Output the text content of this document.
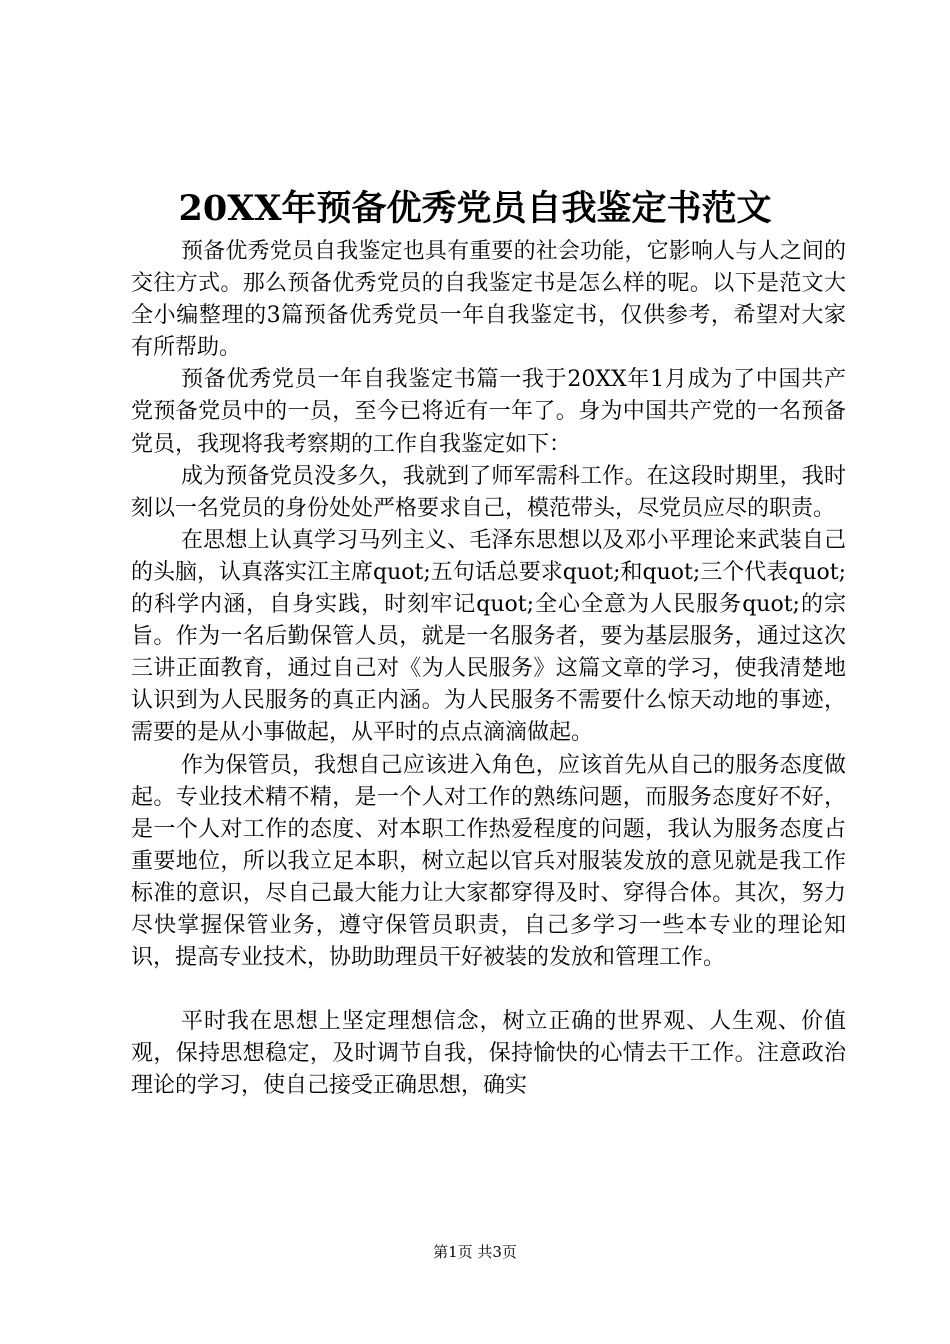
20XX年预备优秀党员自我鉴定书范文

预备优秀党员自我鉴定也具有重要的社会功能，它影响人与人之间的交往方式。那么预备优秀党员的自我鉴定书是怎么样的呢。以下是范文大全小编整理的3篇预备优秀党员一年自我鉴定书，仅供参考，希望对大家有所帮助。

预备优秀党员一年自我鉴定书篇一我于20XX年1月成为了中国共产党预备党员中的一员，至今已将近有一年了。身为中国共产党的一名预备党员，我现将我考察期的工作自我鉴定如下：

成为预备党员没多久，我就到了师军需科工作。在这段时期里，我时刻以一名党员的身份处处严格要求自己，模范带头，尽党员应尽的职责。

在思想上认真学习马列主义、毛泽东思想以及邓小平理论来武装自己的头脑，认真落实江主席quot;五句话总要求quot;和quot;三个代表quot;的科学内涵，自身实践，时刻牢记quot;全心全意为人民服务quot;的宗旨。作为一名后勤保管人员，就是一名服务者，要为基层服务，通过这次三讲正面教育，通过自己对《为人民服务》这篇文章的学习，使我清楚地认识到为人民服务的真正内涵。为人民服务不需要什么惊天动地的事迹，需要的是从小事做起，从平时的点点滴滴做起。

作为保管员，我想自己应该进入角色，应该首先从自己的服务态度做起。专业技术精不精，是一个人对工作的熟练问题，而服务态度好不好，是一个人对工作的态度、对本职工作热爱程度的问题，我认为服务态度占重要地位，所以我立足本职，树立起以官兵对服装发放的意见就是我工作标准的意识，尽自己最大能力让大家都穿得及时、穿得合体。其次，努力尽快掌握保管业务，遵守保管员职责，自己多学习一些本专业的理论知识，提高专业技术，协助助理员干好被装的发放和管理工作。

平时我在思想上坚定理想信念，树立正确的世界观、人生观、价值观，保持思想稳定，及时调节自我，保持愉快的心情去干工作。注意政治理论的学习，使自己接受正确思想，确实

第1页 共3页
